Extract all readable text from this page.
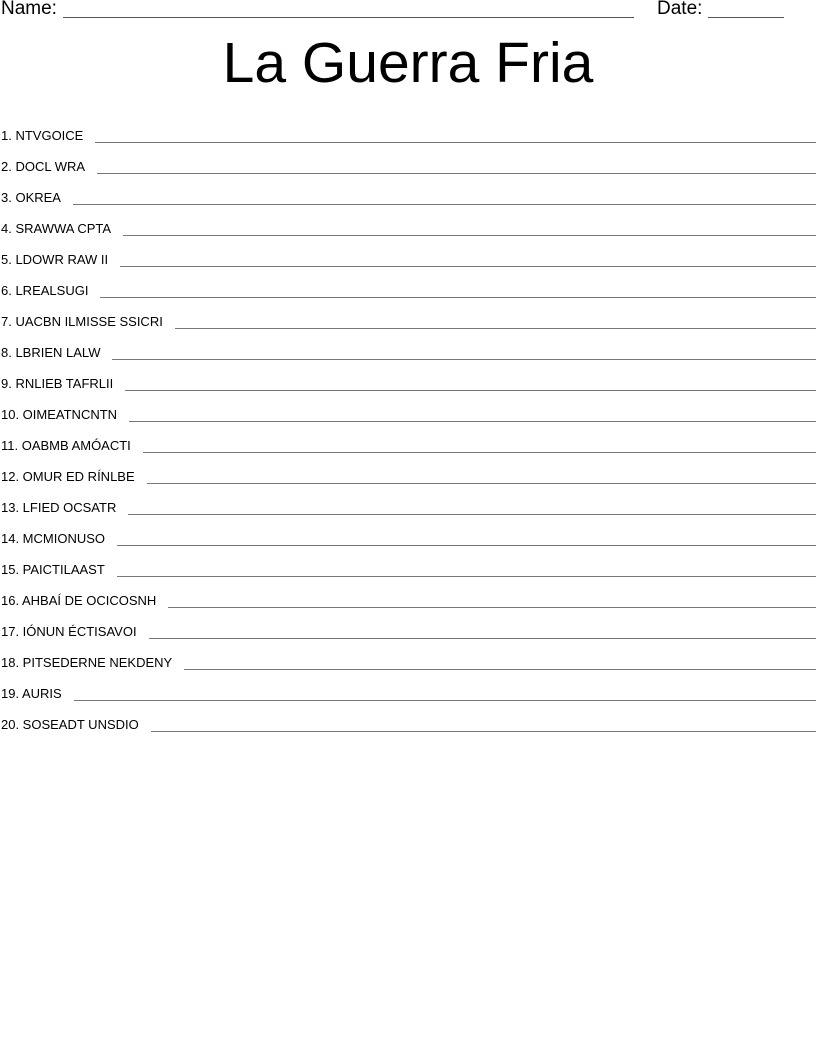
Name:	Date:
La Guerra Fria
1. NTVGOICE
2. DOCL WRA
3. OKREA
4. SRAWWA CPTA
5. LDOWR RAW II
6. LREALSUGI
7. UACBN ILMISSE SSICRI
8. LBRIEN LALW
9. RNLIEB TAFRLII
10. OIMEATNCNTN
11. OABMB AMÓACTI
12. OMUR ED RÍNLBE
13. LFIED OCSATR
14. MCMIONUSO
15. PAICTILAAST
16. AHBAÍ DE OCICOSNH
17. IÓNUN ÉCTISAVOI
18. PITSEDERNE NEKDENY
19. AURIS
20. SOSEADT UNSDIO
